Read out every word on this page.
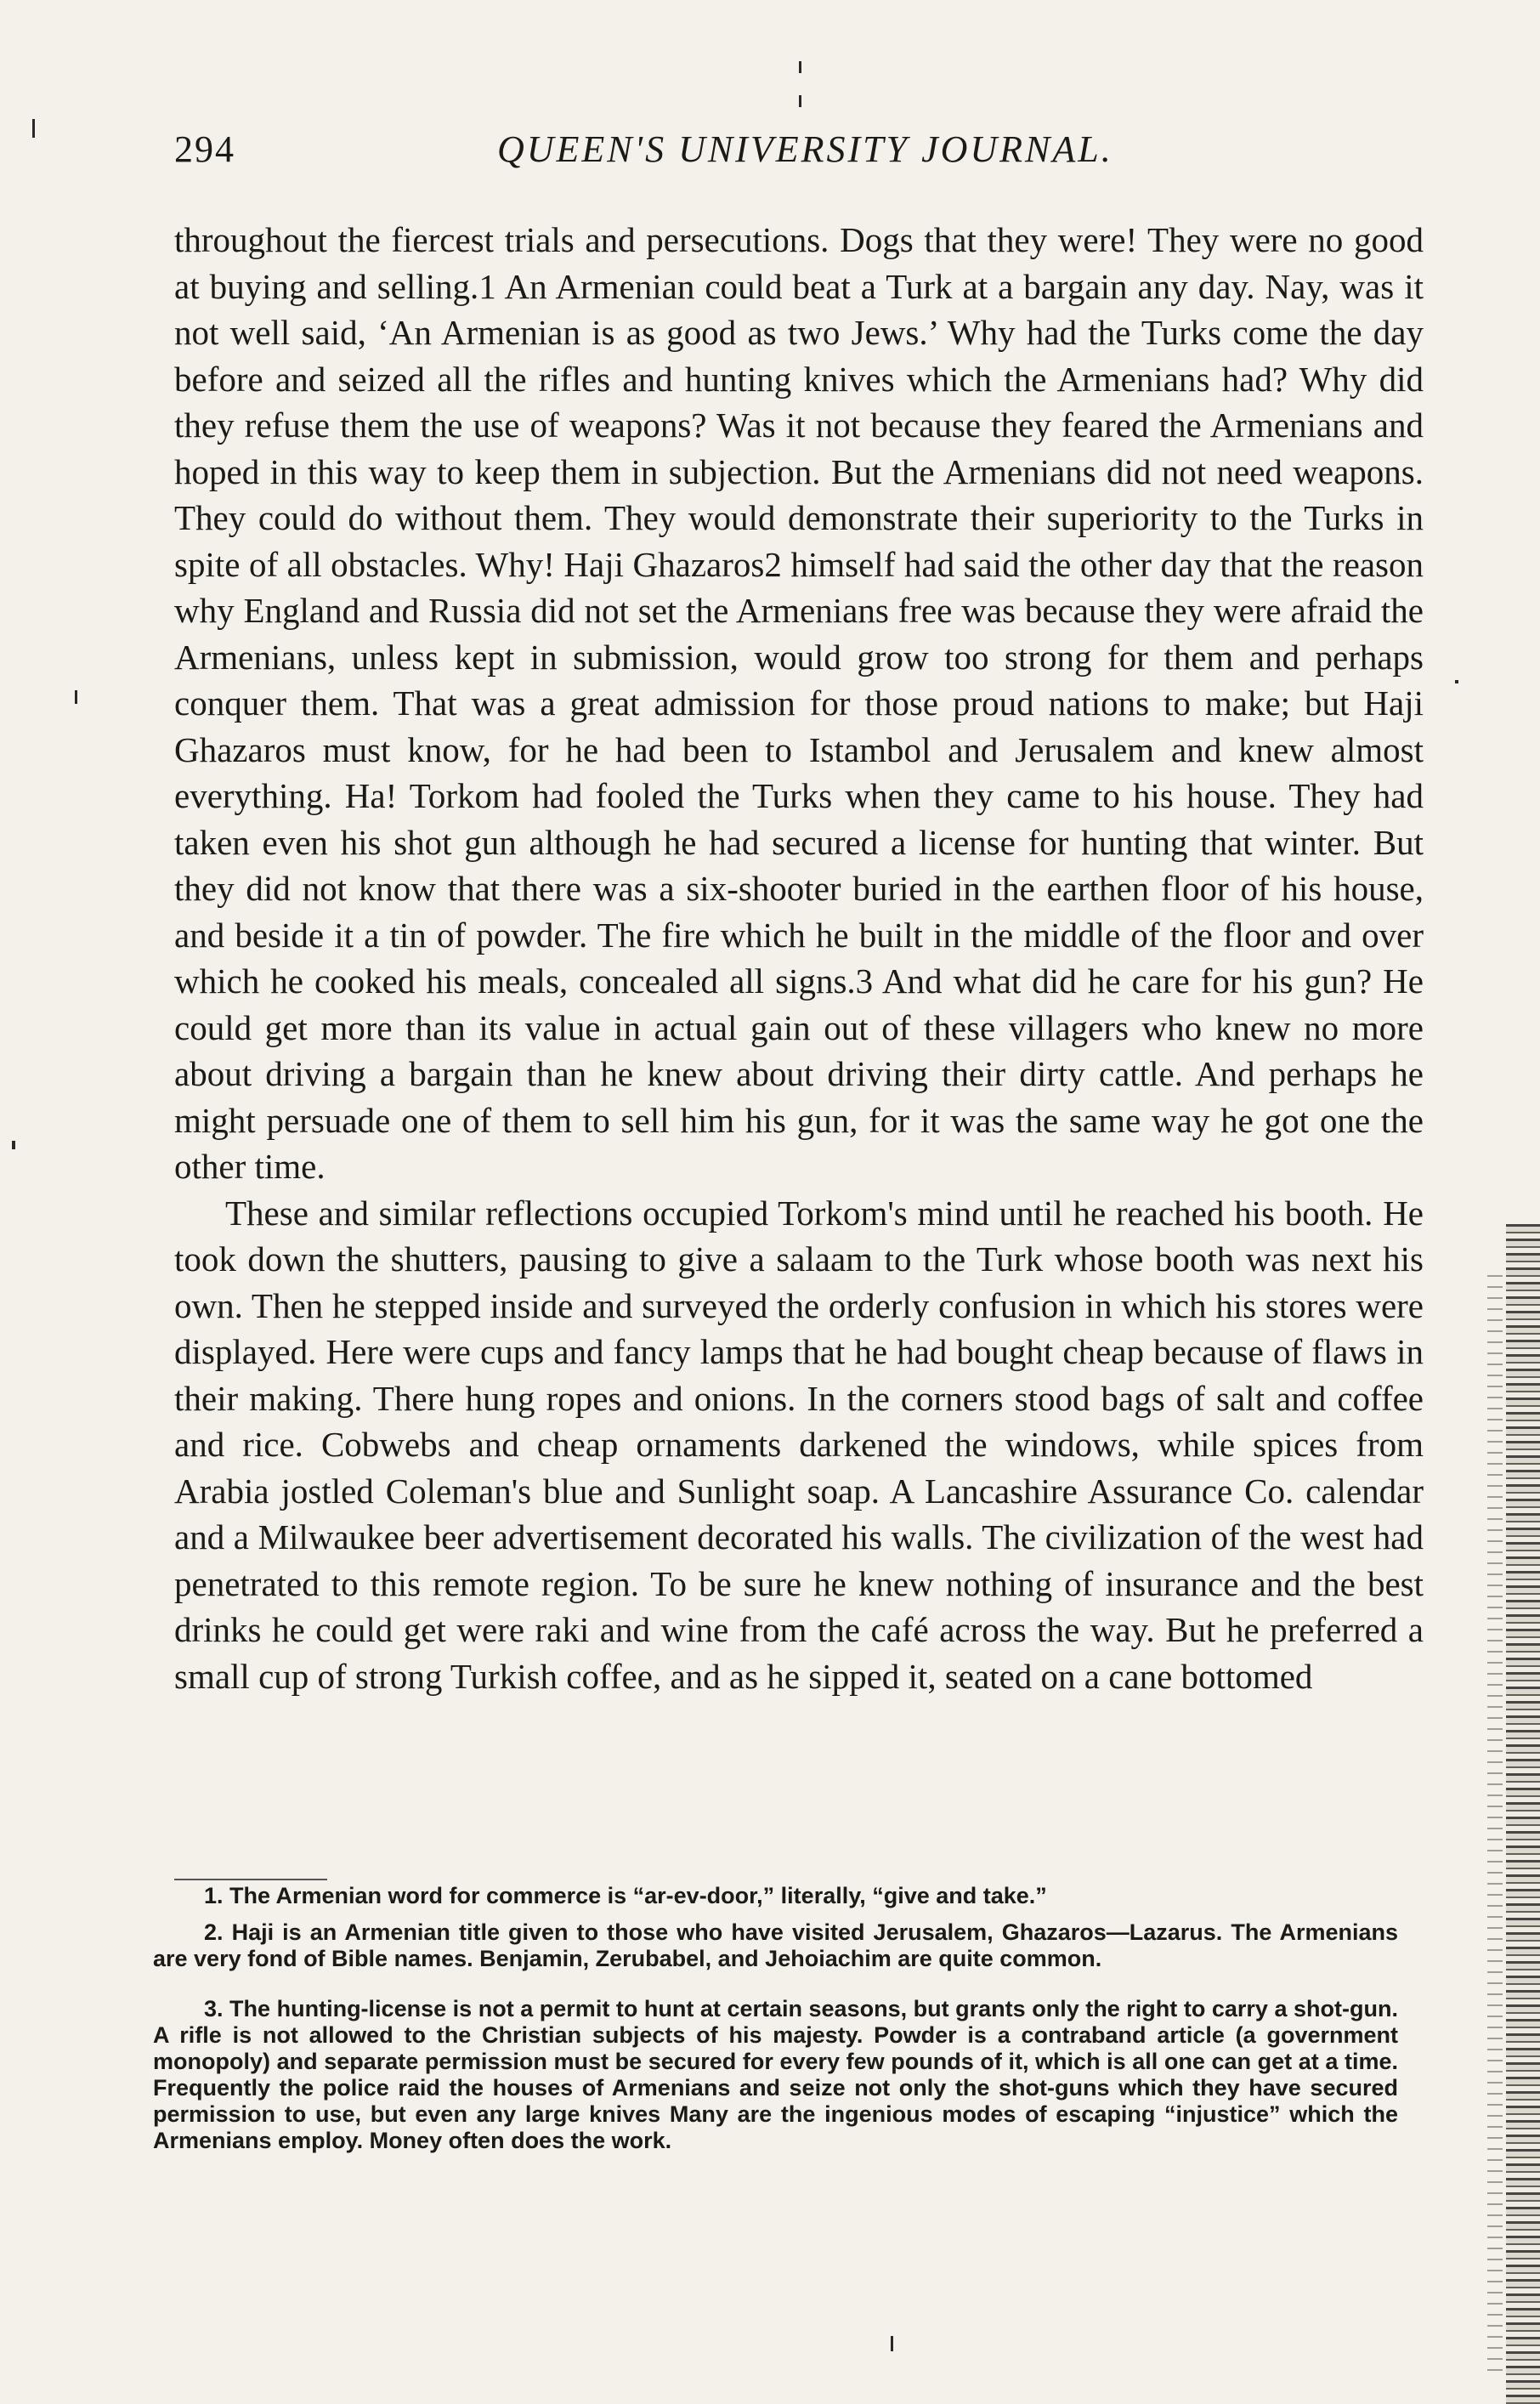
294	QUEEN'S UNIVERSITY JOURNAL.

throughout the fiercest trials and persecutions. Dogs that they were! They were no good at buying and selling.1 An Armenian could beat a Turk at a bargain any day. Nay, was it not well said, ‘An Armenian is as good as two Jews.’ Why had the Turks come the day before and seized all the rifles and hunting knives which the Armenians had? Why did they refuse them the use of weapons? Was it not because they feared the Armenians and hoped in this way to keep them in subjection. But the Armenians did not need weapons. They could do without them. They would demonstrate their superiority to the Turks in spite of all obstacles. Why! Haji Ghazaros2 himself had said the other day that the reason why England and Russia did not set the Armenians free was because they were afraid the Armenians, unless kept in submission, would grow too strong for them and perhaps conquer them. That was a great admission for those proud nations to make; but Haji Ghazaros must know, for he had been to Istambol and Jerusalem and knew almost everything. Ha! Torkom had fooled the Turks when they came to his house. They had taken even his shot gun although he had secured a license for hunting that winter. But they did not know that there was a six-shooter buried in the earthen floor of his house, and beside it a tin of powder. The fire which he built in the middle of the floor and over which he cooked his meals, concealed all signs.3 And what did he care for his gun? He could get more than its value in actual gain out of these villagers who knew no more about driving a bargain than he knew about driving their dirty cattle. And perhaps he might persuade one of them to sell him his gun, for it was the same way he got one the other time.

These and similar reflections occupied Torkom's mind until he reached his booth. He took down the shutters, pausing to give a salaam to the Turk whose booth was next his own. Then he stepped inside and surveyed the orderly confusion in which his stores were displayed. Here were cups and fancy lamps that he had bought cheap because of flaws in their making. There hung ropes and onions. In the corners stood bags of salt and coffee and rice. Cobwebs and cheap ornaments darkened the windows, while spices from Arabia jostled Coleman's blue and Sunlight soap. A Lancashire Assurance Co. calendar and a Milwaukee beer advertisement decorated his walls. The civilization of the west had penetrated to this remote region. To be sure he knew nothing of insurance and the best drinks he could get were raki and wine from the café across the way. But he preferred a small cup of strong Turkish coffee, and as he sipped it, seated on a cane bottomed

1. The Armenian word for commerce is “ar-ev-door,” literally, “give and take.”

2. Haji is an Armenian title given to those who have visited Jerusalem, Ghazaros—Lazarus. The Armenians are very fond of Bible names. Benjamin, Zerubabel, and Jehoiachim are quite common.

3. The hunting-license is not a permit to hunt at certain seasons, but grants only the right to carry a shot-gun. A rifle is not allowed to the Christian subjects of his majesty. Powder is a contraband article (a government monopoly) and separate permission must be secured for every few pounds of it, which is all one can get at a time. Frequently the police raid the houses of Armenians and seize not only the shot-guns which they have secured permission to use, but even any large knives Many are the ingenious modes of escaping “injustice” which the Armenians employ. Money often does the work.
